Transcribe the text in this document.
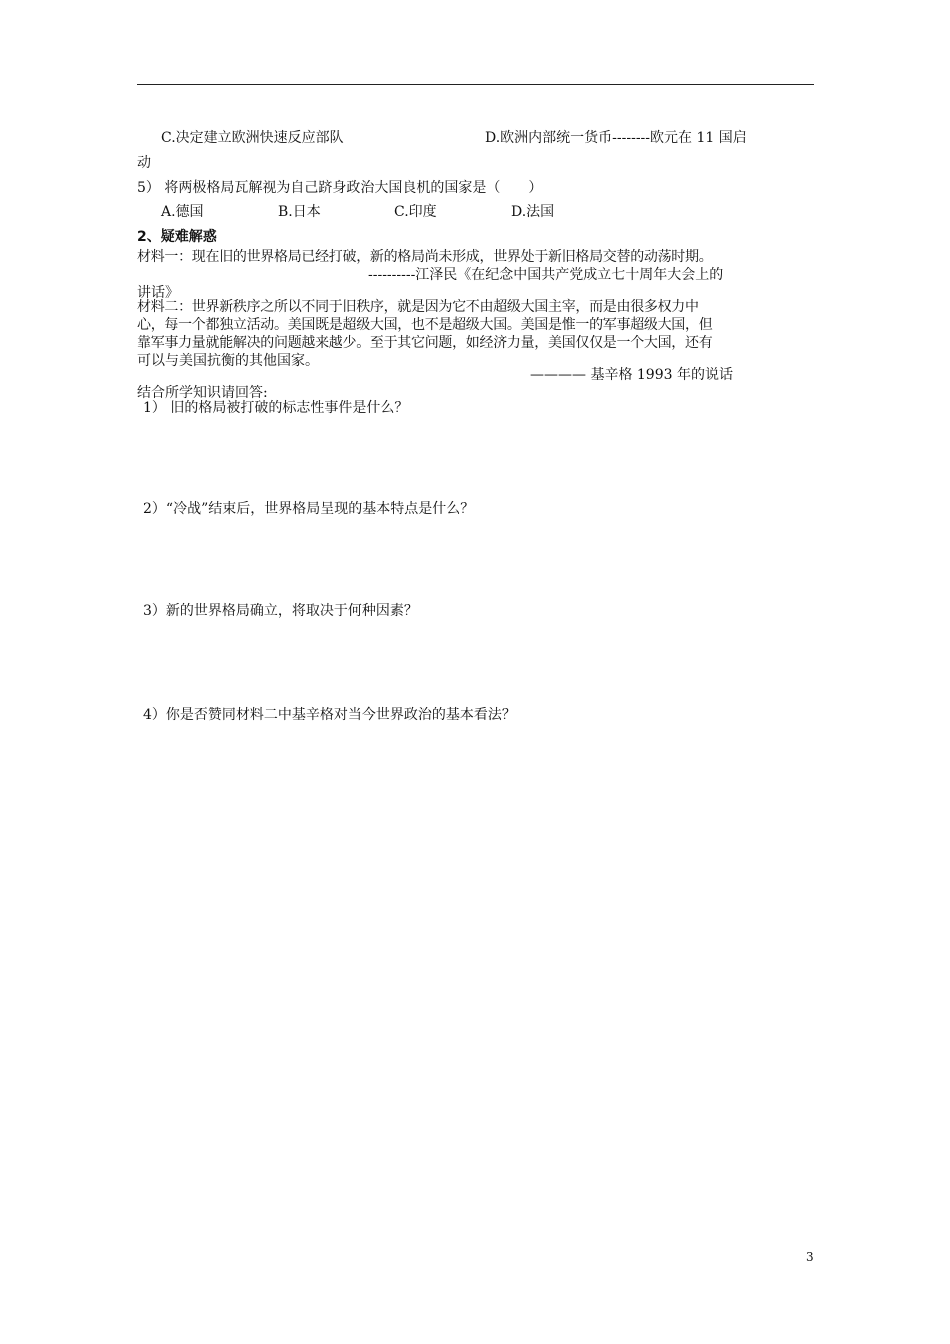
C.决定建立欧洲快速反应部队	D.欧洲内部统一货币--------欧元在 11 国启
动
5） 将两极格局瓦解视为自己跻身政治大国良机的国家是（　　）
A.德国	B.日本	C.印度	D.法国
2、疑难解惑
材料一：现在旧的世界格局已经打破，新的格局尚未形成，世界处于新旧格局交替的动荡时期。
----------江泽民《在纪念中国共产党成立七十周年大会上的
讲话》
材料二：世界新秩序之所以不同于旧秩序，就是因为它不由超级大国主宰，而是由很多权力中
心，每一个都独立活动。美国既是超级大国，也不是超级大国。美国是惟一的军事超级大国，但
靠军事力量就能解决的问题越来越少。至于其它问题，如经济力量，美国仅仅是一个大国，还有
可以与美国抗衡的其他国家。
———— 基辛格 1993 年的说话
结合所学知识请回答:
1） 旧的格局被打破的标志性事件是什么？
2）“冷战”结束后，世界格局呈现的基本特点是什么？
3）新的世界格局确立，将取决于何种因素？
4）你是否赞同材料二中基辛格对当今世界政治的基本看法？
3
